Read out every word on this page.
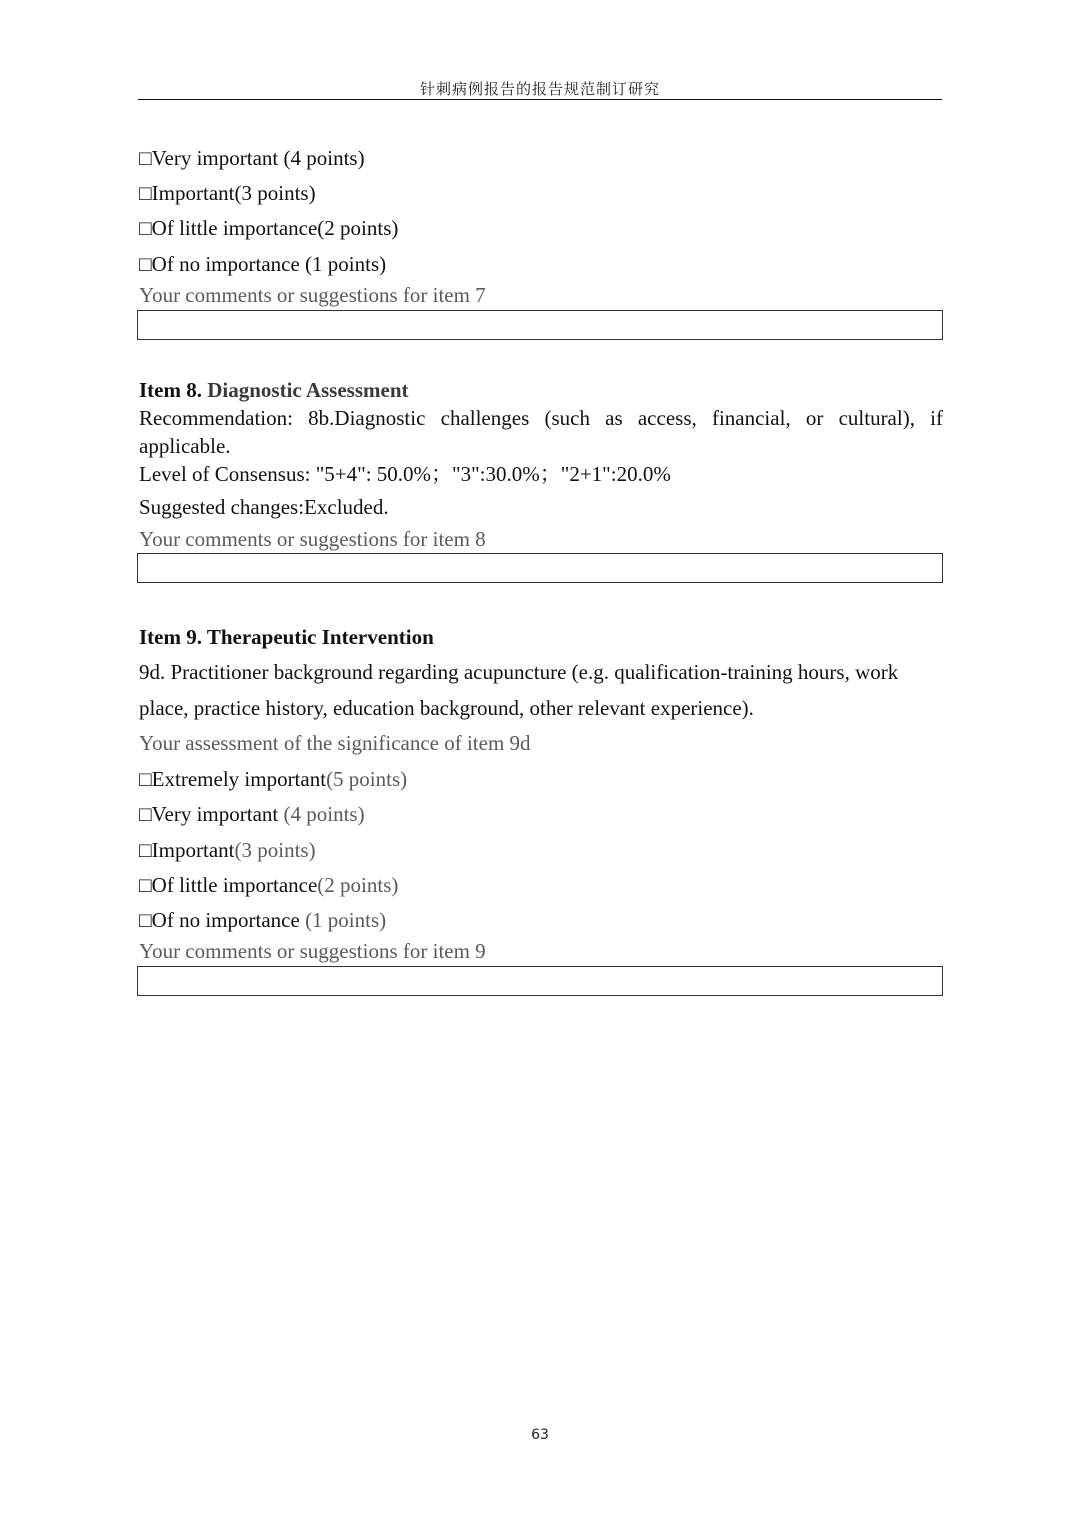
针刺病例报告的报告规范制订研究
□Very important (4 points)
□Important(3 points)
□Of little importance(2 points)
□Of no importance (1 points)
Your comments or suggestions for item 7
Item 8. Diagnostic Assessment
Recommendation: 8b.Diagnostic challenges (such as access, financial, or cultural), if applicable.
Level of Consensus: "5+4": 50.0%；"3":30.0%；"2+1":20.0%
Suggested changes:Excluded.
Your comments or suggestions for item 8
Item 9. Therapeutic Intervention
9d. Practitioner background regarding acupuncture (e.g. qualification-training hours, work
place, practice history, education background, other relevant experience).
Your assessment of the significance of item 9d
□Extremely important(5 points)
□Very important (4 points)
□Important(3 points)
□Of little importance(2 points)
□Of no importance (1 points)
Your comments or suggestions for item 9
63
